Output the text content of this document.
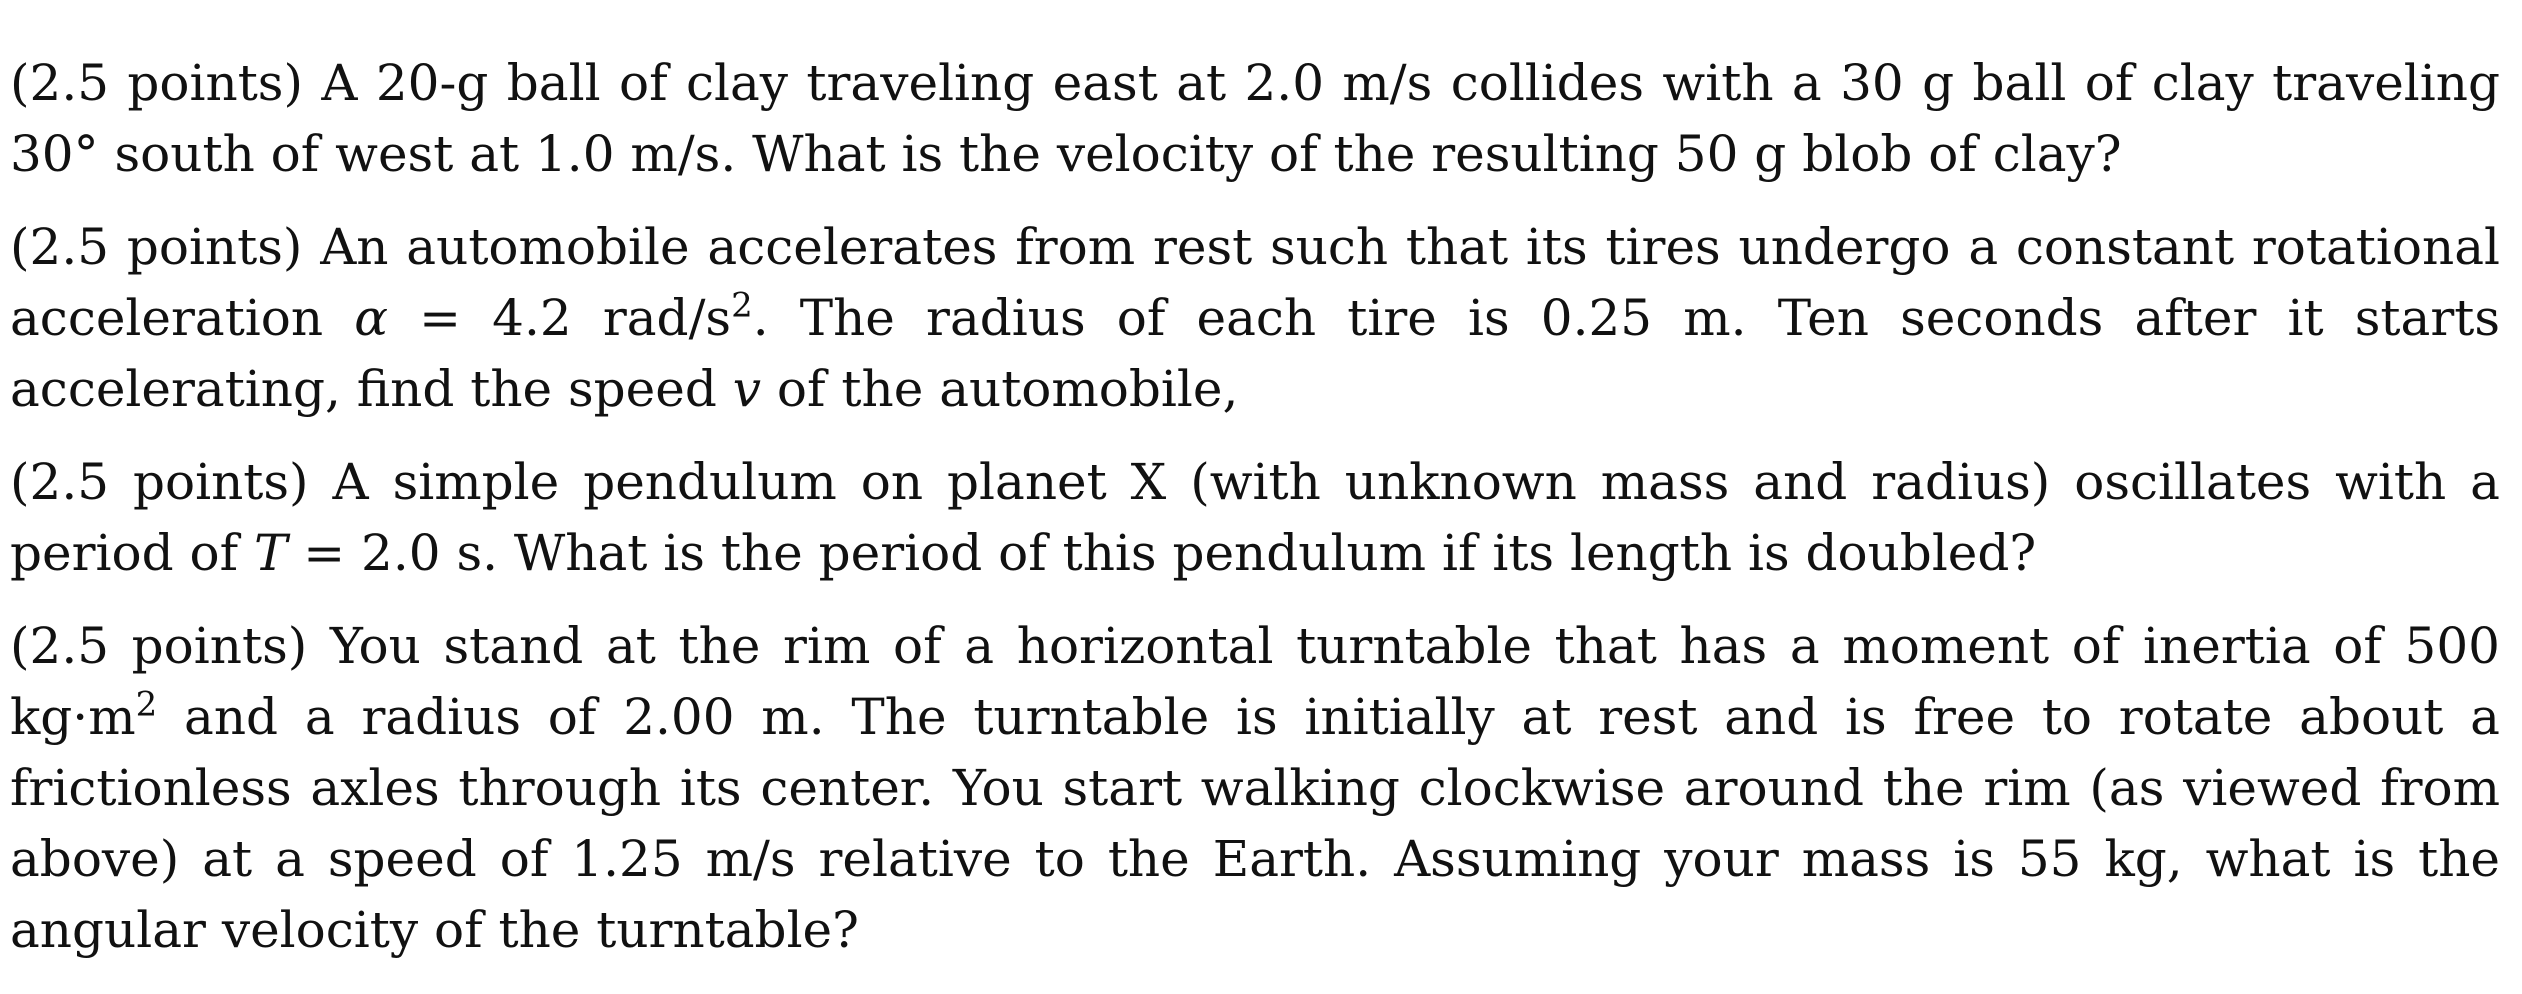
(2.5 points) A 20-g ball of clay traveling east at 2.0 m/s collides with a 30 g ball of clay traveling 30° south of west at 1.0 m/s. What is the velocity of the resulting 50 g blob of clay?

(2.5 points) An automobile accelerates from rest such that its tires undergo a constant rotational acceleration α = 4.2 rad/$s^2$. The radius of each tire is 0.25 m. Ten seconds after it starts accelerating, find the speed v of the automobile,

(2.5 points) A simple pendulum on planet X (with unknown mass and radius) oscillates with a period of T = 2.0 s. What is the period of this pendulum if its length is doubled?

(2.5 points) You stand at the rim of a horizontal turntable that has a moment of inertia of 500 $kg\cdot m^2$ and a radius of 2.00 m. The turntable is initially at rest and is free to rotate about a frictionless axles through its center. You start walking clockwise around the rim (as viewed from above) at a speed of 1.25 m/s relative to the Earth. Assuming your mass is 55 kg, what is the angular velocity of the turntable?
